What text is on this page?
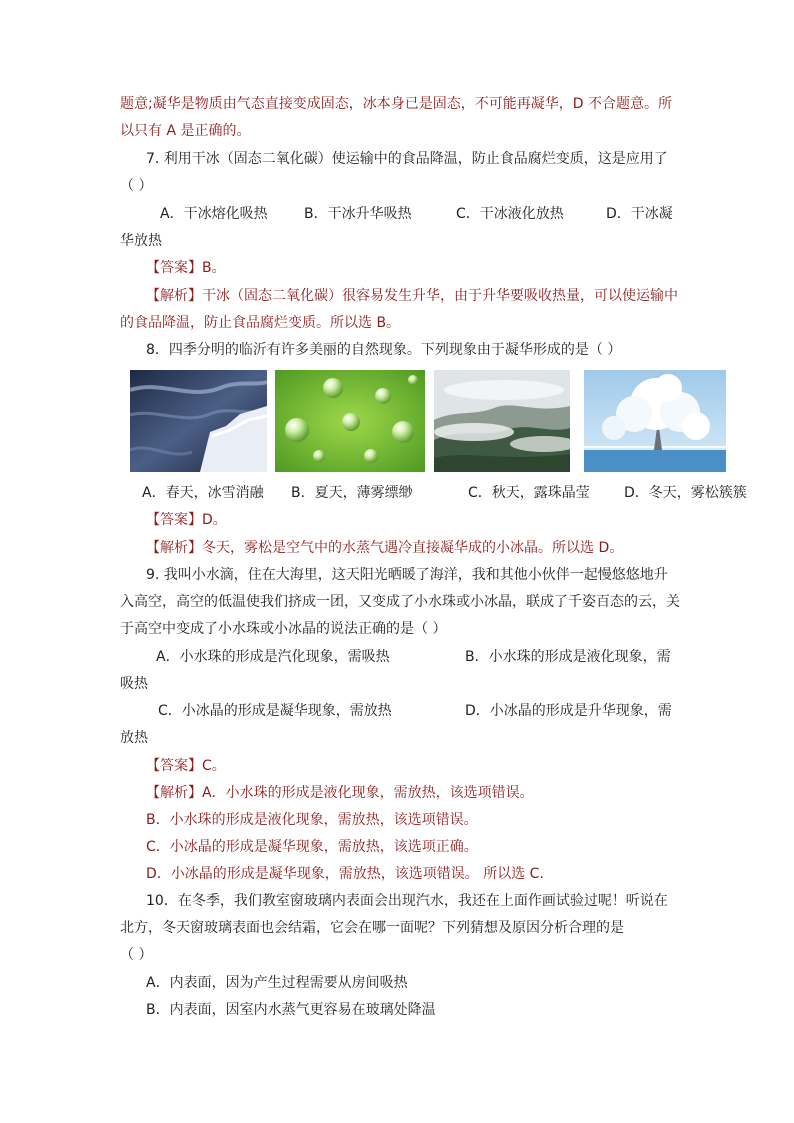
题意;凝华是物质由气态直接变成固态，冰本身已是固态，不可能再凝华，D 不合题意。所
以只有 A 是正确的。
7. 利用干冰（固态二氧化碳）使运输中的食品降温，防止食品腐烂变质，这是应用了
（ ）
A．干冰熔化吸热	B．干冰升华吸热	C．干冰液化放热	D．干冰凝
华放热
【答案】B。
【解析】干冰（固态二氧化碳）很容易发生升华，由于升华要吸收热量，可以使运输中
的食品降温，防止食品腐烂变质。所以选 B。
8．四季分明的临沂有许多美丽的自然现象。下列现象由于凝华形成的是（ ）
A．春天，冰雪消融 B．夏天，薄雾缥缈	C．秋天，露珠晶莹 D．冬天，雾松簇簇
【答案】D。
【解析】冬天，雾松是空气中的水蒸气遇冷直接凝华成的小冰晶。所以选 D。
9. 我叫小水滴，住在大海里，这天阳光晒暖了海洋，我和其他小伙伴一起慢悠悠地升
入高空，高空的低温使我们挤成一团，又变成了小水珠或小冰晶，联成了千姿百态的云，关
于高空中变成了小水珠或小冰晶的说法正确的是（ ）
A．小水珠的形成是汽化现象，需吸热	B．小水珠的形成是液化现象，需
吸热
C．小冰晶的形成是凝华现象，需放热	D．小冰晶的形成是升华现象，需
放热
【答案】C。
【解析】A．小水珠的形成是液化现象，需放热，该选项错误。
B．小水珠的形成是液化现象，需放热，该选项错误。
C．小冰晶的形成是凝华现象，需放热，该选项正确。
D．小冰晶的形成是凝华现象，需放热，该选项错误。 所以选 C.
10．在冬季，我们教室窗玻璃内表面会出现汽水，我还在上面作画试验过呢！听说在
北方，冬天窗玻璃表面也会结霜，它会在哪一面呢？下列猜想及原因分析合理的是
（ ）
A．内表面，因为产生过程需要从房间吸热
B．内表面，因室内水蒸气更容易在玻璃处降温
